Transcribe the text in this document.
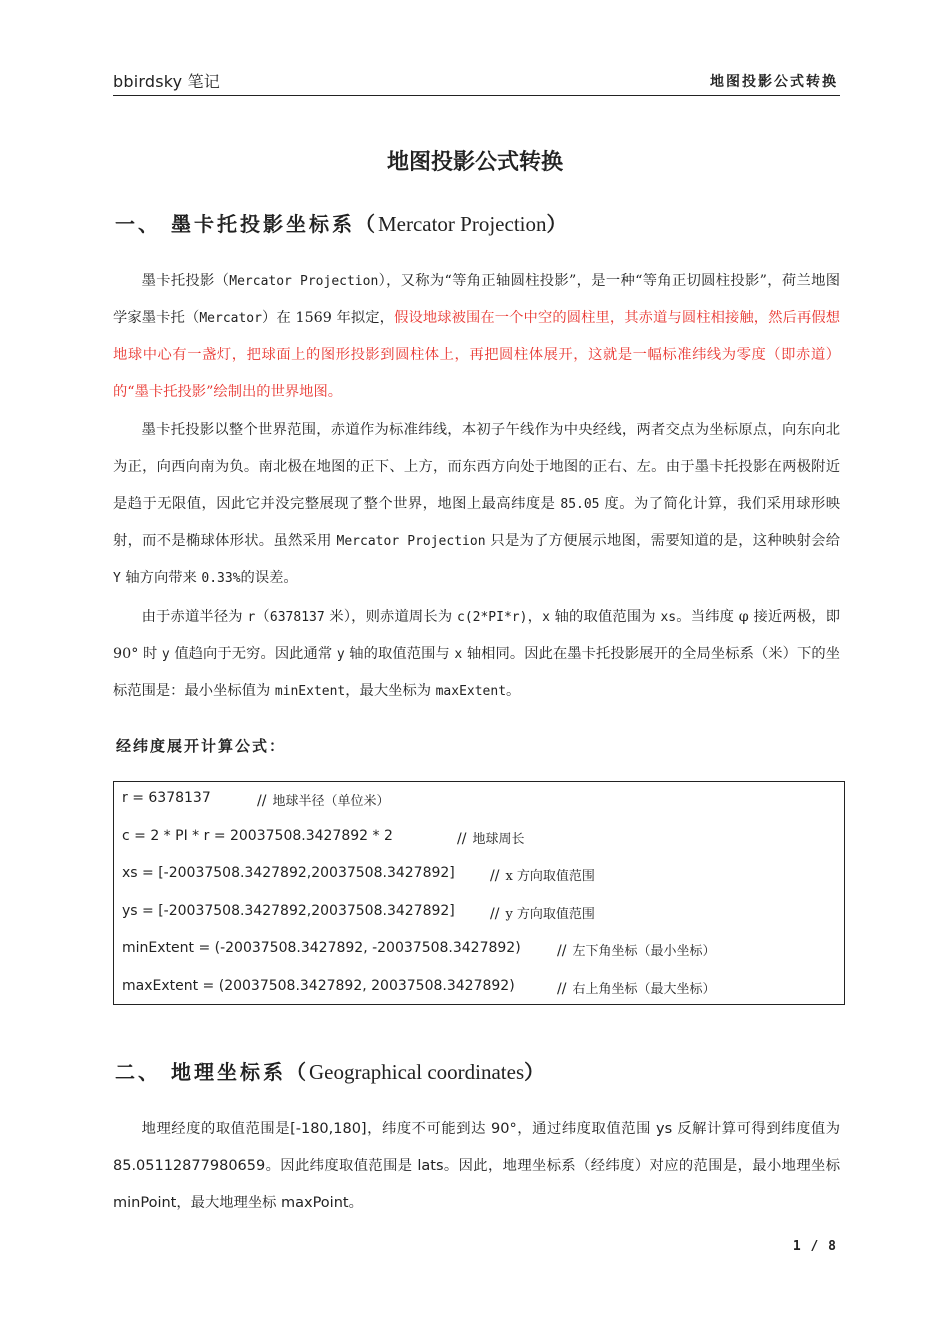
bbirdsky 笔记	地图投影公式转换
地图投影公式转换
一、 墨卡托投影坐标系（Mercator Projection）

墨卡托投影（Mercator Projection），又称为“等角正轴圆柱投影”，是一种“等角正切圆柱投影”，荷兰地图学家墨卡托（Mercator）在 1569 年拟定，假设地球被围在一个中空的圆柱里，其赤道与圆柱相接触，然后再假想地球中心有一盏灯，把球面上的图形投影到圆柱体上，再把圆柱体展开，这就是一幅标准纬线为零度（即赤道）的“墨卡托投影”绘制出的世界地图。

墨卡托投影以整个世界范围，赤道作为标准纬线，本初子午线作为中央经线，两者交点为坐标原点，向东向北为正，向西向南为负。南北极在地图的正下、上方，而东西方向处于地图的正右、左。由于墨卡托投影在两极附近是趋于无限值，因此它并没完整展现了整个世界，地图上最高纬度是 85.05 度。为了简化计算，我们采用球形映射，而不是椭球体形状。虽然采用 Mercator Projection 只是为了方便展示地图，需要知道的是，这种映射会给 Y 轴方向带来 0.33%的误差。

由于赤道半径为 r（6378137 米），则赤道周长为 c(2*PI*r)，x 轴的取值范围为 xs。当纬度 φ 接近两极，即 90° 时 y 值趋向于无穷。因此通常 y 轴的取值范围与 x 轴相同。因此在墨卡托投影展开的全局坐标系（米）下的坐标范围是：最小坐标值为 minExtent，最大坐标为 maxExtent。

经纬度展开计算公式：
r = 6378137	// 地球半径（单位米）
c = 2 * PI * r = 20037508.3427892 * 2	// 地球周长
xs = [-20037508.3427892,20037508.3427892]	// x 方向取值范围
ys = [-20037508.3427892,20037508.3427892]	// y 方向取值范围
minExtent = (-20037508.3427892, -20037508.3427892)	// 左下角坐标（最小坐标）
maxExtent = (20037508.3427892, 20037508.3427892)	// 右上角坐标（最大坐标）
二、 地理坐标系（Geographical coordinates）

地理经度的取值范围是[-180,180]，纬度不可能到达 90°，通过纬度取值范围 ys 反解计算可得到纬度值为 85.05112877980659。因此纬度取值范围是 lats。因此，地理坐标系（经纬度）对应的范围是，最小地理坐标 minPoint，最大地理坐标 maxPoint。

1 / 8
